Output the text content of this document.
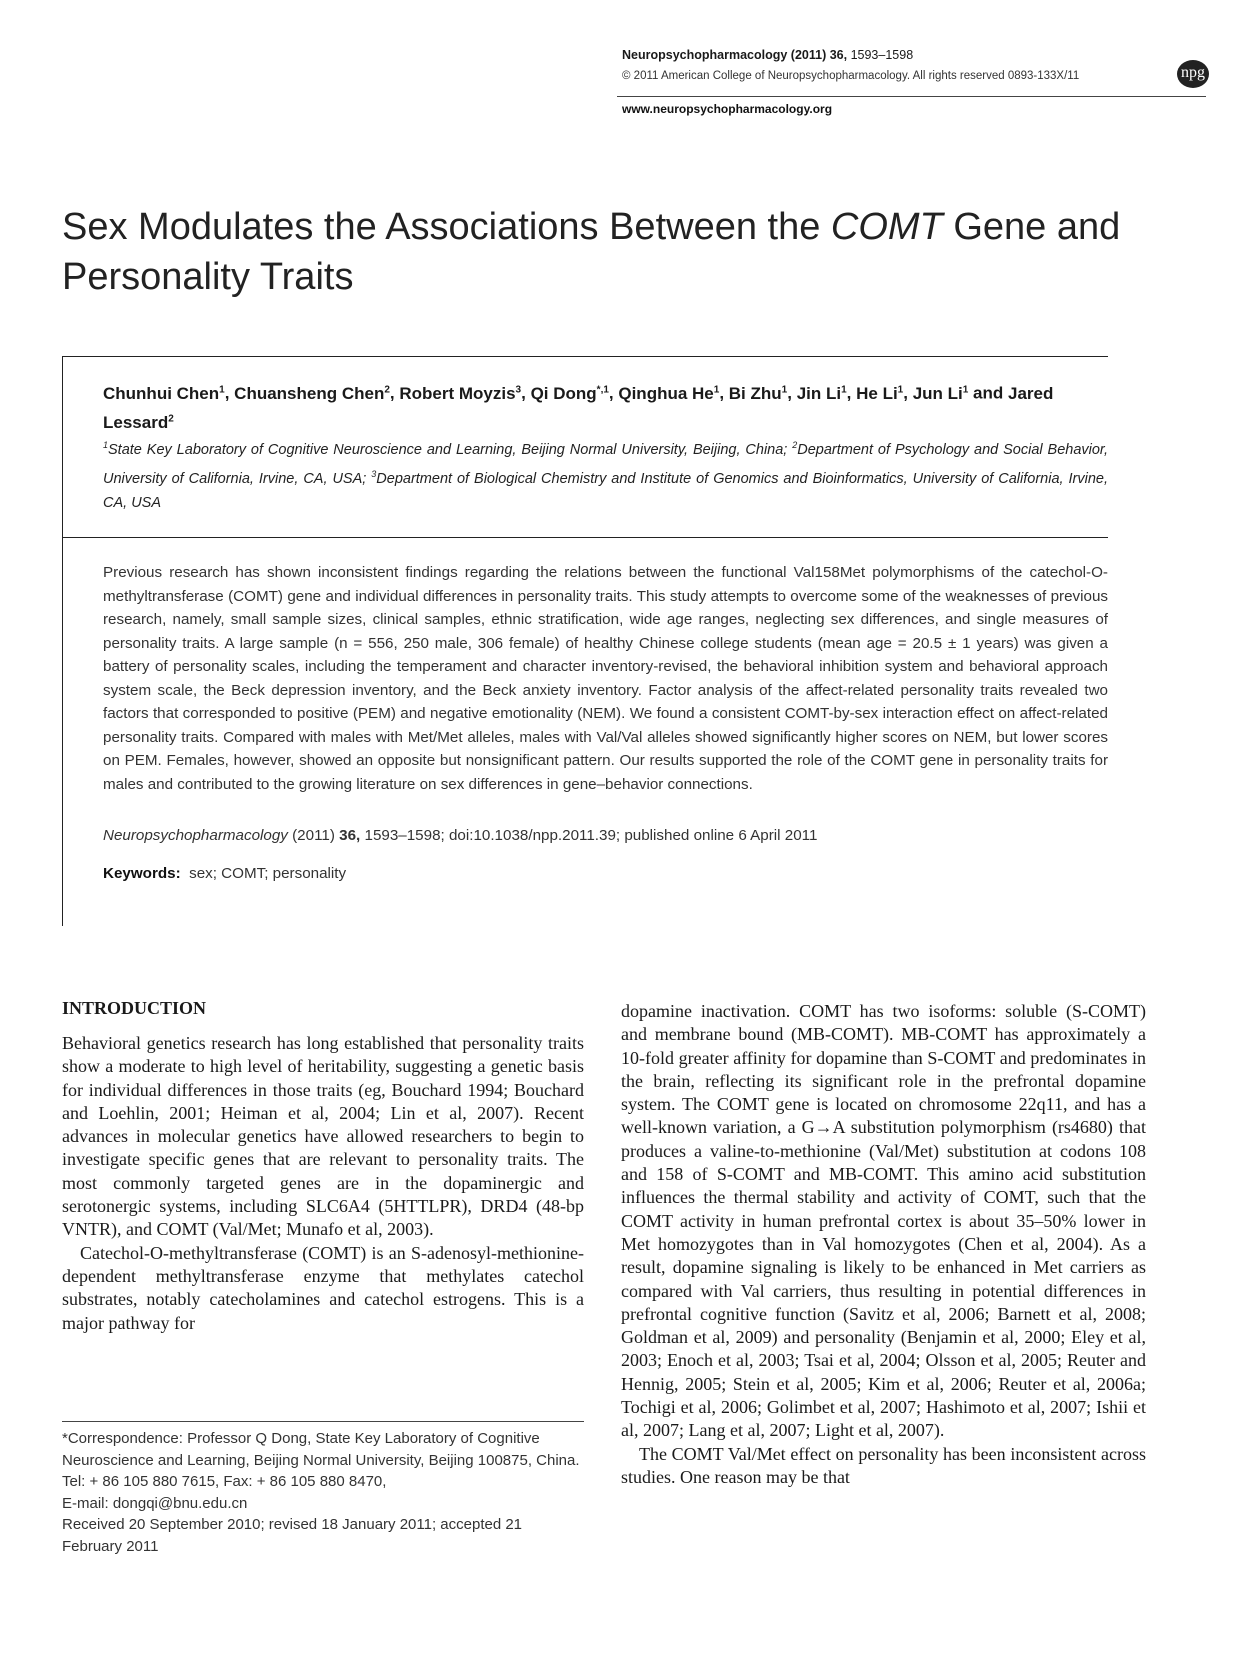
Neuropsychopharmacology (2011) 36, 1593–1598
© 2011 American College of Neuropsychopharmacology. All rights reserved 0893-133X/11	npg
www.neuropsychopharmacology.org
Sex Modulates the Associations Between the COMT Gene and Personality Traits
Chunhui Chen$^1$, Chuansheng Chen$^2$, Robert Moyzis$^3$, Qi Dong$^{*,1}$, Qinghua He$^1$, Bi Zhu$^1$, Jin Li$^1$, He Li$^1$, Jun Li$^1$ and Jared Lessard$^2$
$^1$State Key Laboratory of Cognitive Neuroscience and Learning, Beijing Normal University, Beijing, China; $^2$Department of Psychology and Social Behavior, University of California, Irvine, CA, USA; $^3$Department of Biological Chemistry and Institute of Genomics and Bioinformatics, University of California, Irvine, CA, USA
Previous research has shown inconsistent findings regarding the relations between the functional Val158Met polymorphisms of the catechol-O-methyltransferase (COMT) gene and individual differences in personality traits. This study attempts to overcome some of the weaknesses of previous research, namely, small sample sizes, clinical samples, ethnic stratification, wide age ranges, neglecting sex differences, and single measures of personality traits. A large sample (n = 556, 250 male, 306 female) of healthy Chinese college students (mean age = 20.5 ± 1 years) was given a battery of personality scales, including the temperament and character inventory-revised, the behavioral inhibition system and behavioral approach system scale, the Beck depression inventory, and the Beck anxiety inventory. Factor analysis of the affect-related personality traits revealed two factors that corresponded to positive (PEM) and negative emotionality (NEM). We found a consistent COMT-by-sex interaction effect on affect-related personality traits. Compared with males with Met/Met alleles, males with Val/Val alleles showed significantly higher scores on NEM, but lower scores on PEM. Females, however, showed an opposite but nonsignificant pattern. Our results supported the role of the COMT gene in personality traits for males and contributed to the growing literature on sex differences in gene–behavior connections.
Neuropsychopharmacology (2011) 36, 1593–1598; doi:10.1038/npp.2011.39; published online 6 April 2011
Keywords: sex; COMT; personality
INTRODUCTION

Behavioral genetics research has long established that personality traits show a moderate to high level of heritability, suggesting a genetic basis for individual differences in those traits (eg, Bouchard 1994; Bouchard and Loehlin, 2001; Heiman et al, 2004; Lin et al, 2007). Recent advances in molecular genetics have allowed researchers to begin to investigate specific genes that are relevant to personality traits. The most commonly targeted genes are in the dopaminergic and serotonergic systems, including SLC6A4 (5HTTLPR), DRD4 (48-bp VNTR), and COMT (Val/Met; Munafo et al, 2003).

Catechol-O-methyltransferase (COMT) is an S-adenosyl-methionine-dependent methyltransferase enzyme that methylates catechol substrates, notably catecholamines and catechol estrogens. This is a major pathway for

dopamine inactivation. COMT has two isoforms: soluble (S-COMT) and membrane bound (MB-COMT). MB-COMT has approximately a 10-fold greater affinity for dopamine than S-COMT and predominates in the brain, reflecting its significant role in the prefrontal dopamine system. The COMT gene is located on chromosome 22q11, and has a well-known variation, a G→A substitution polymorphism (rs4680) that produces a valine-to-methionine (Val/Met) substitution at codons 108 and 158 of S-COMT and MB-COMT. This amino acid substitution influences the thermal stability and activity of COMT, such that the COMT activity in human prefrontal cortex is about 35–50% lower in Met homozygotes than in Val homozygotes (Chen et al, 2004). As a result, dopamine signaling is likely to be enhanced in Met carriers as compared with Val carriers, thus resulting in potential differences in prefrontal cognitive function (Savitz et al, 2006; Barnett et al, 2008; Goldman et al, 2009) and personality (Benjamin et al, 2000; Eley et al, 2003; Enoch et al, 2003; Tsai et al, 2004; Olsson et al, 2005; Reuter and Hennig, 2005; Stein et al, 2005; Kim et al, 2006; Reuter et al, 2006a; Tochigi et al, 2006; Golimbet et al, 2007; Hashimoto et al, 2007; Ishii et al, 2007; Lang et al, 2007; Light et al, 2007).

The COMT Val/Met effect on personality has been inconsistent across studies. One reason may be that

*Correspondence: Professor Q Dong, State Key Laboratory of Cognitive Neuroscience and Learning, Beijing Normal University, Beijing 100875, China. Tel: + 86 105 880 7615, Fax: + 86 105 880 8470,
E-mail: dongqi@bnu.edu.cn
Received 20 September 2010; revised 18 January 2011; accepted 21 February 2011
